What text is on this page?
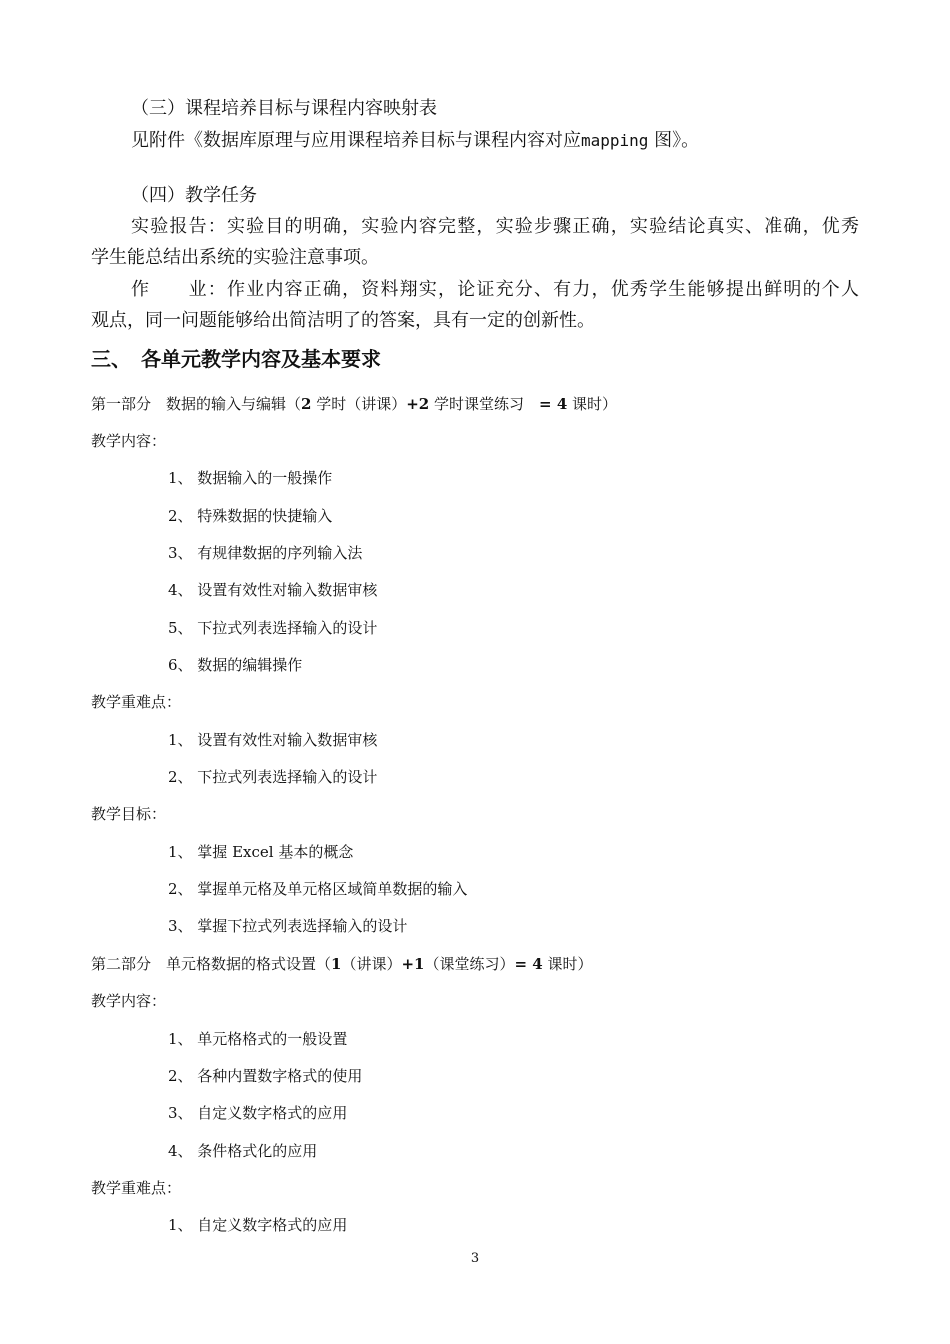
（三）课程培养目标与课程内容映射表
见附件《数据库原理与应用课程培养目标与课程内容对应mapping 图》。
（四）教学任务
实验报告：实验目的明确，实验内容完整，实验步骤正确，实验结论真实、准确，优秀
学生能总结出系统的实验注意事项。
作　　业：作业内容正确，资料翔实，论证充分、有力，优秀学生能够提出鲜明的个人
观点，同一问题能够给出简洁明了的答案，具有一定的创新性。
三、　各单元教学内容及基本要求
第一部分　数据的输入与编辑（2 学时（讲课）+2 学时课堂练习　= 4 课时）
教学内容：
1、 数据输入的一般操作
2、 特殊数据的快捷输入
3、 有规律数据的序列输入法
4、 设置有效性对输入数据审核
5、 下拉式列表选择输入的设计
6、 数据的编辑操作
教学重难点：
1、 设置有效性对输入数据审核
2、 下拉式列表选择输入的设计
教学目标：
1、 掌握 Excel 基本的概念
2、 掌握单元格及单元格区域简单数据的输入
3、 掌握下拉式列表选择输入的设计
第二部分　单元格数据的格式设置（1（讲课）+1（课堂练习）= 4 课时）
教学内容：
1、 单元格格式的一般设置
2、 各种内置数字格式的使用
3、 自定义数字格式的应用
4、 条件格式化的应用
教学重难点：
1、 自定义数字格式的应用
3
